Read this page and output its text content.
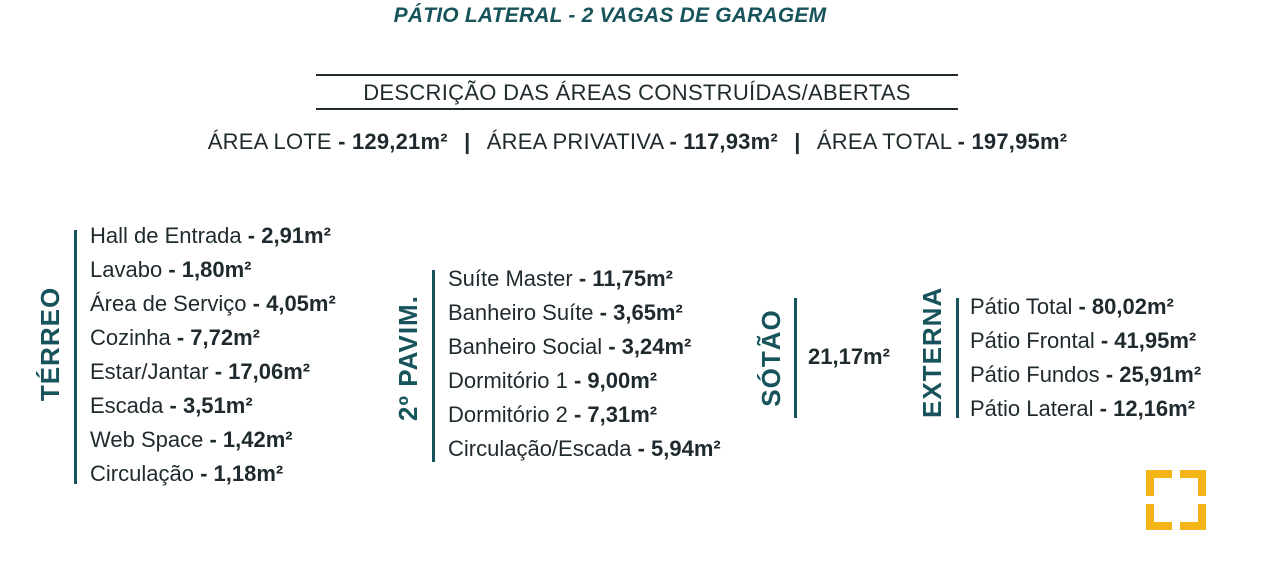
PÁTIO LATERAL - 2 VAGAS DE GARAGEM
DESCRIÇÃO DAS ÁREAS CONSTRUÍDAS/ABERTAS
ÁREA LOTE - 129,21m² | ÁREA PRIVATIVA - 117,93m² | ÁREA TOTAL - 197,95m²
TÉRREO
Hall de Entrada - 2,91m²
Lavabo - 1,80m²
Área de Serviço - 4,05m²
Cozinha - 7,72m²
Estar/Jantar - 17,06m²
Escada - 3,51m²
Web Space - 1,42m²
Circulação - 1,18m²
2º PAVIM.
Suíte Master - 11,75m²
Banheiro Suíte - 3,65m²
Banheiro Social - 3,24m²
Dormitório 1 - 9,00m²
Dormitório 2 - 7,31m²
Circulação/Escada - 5,94m²
SÓTÃO 21,17m² EXTERNA Pátio Total - 80,02m²
Pátio Frontal - 41,95m²
Pátio Fundos - 25,91m²
Pátio Lateral - 12,16m²
